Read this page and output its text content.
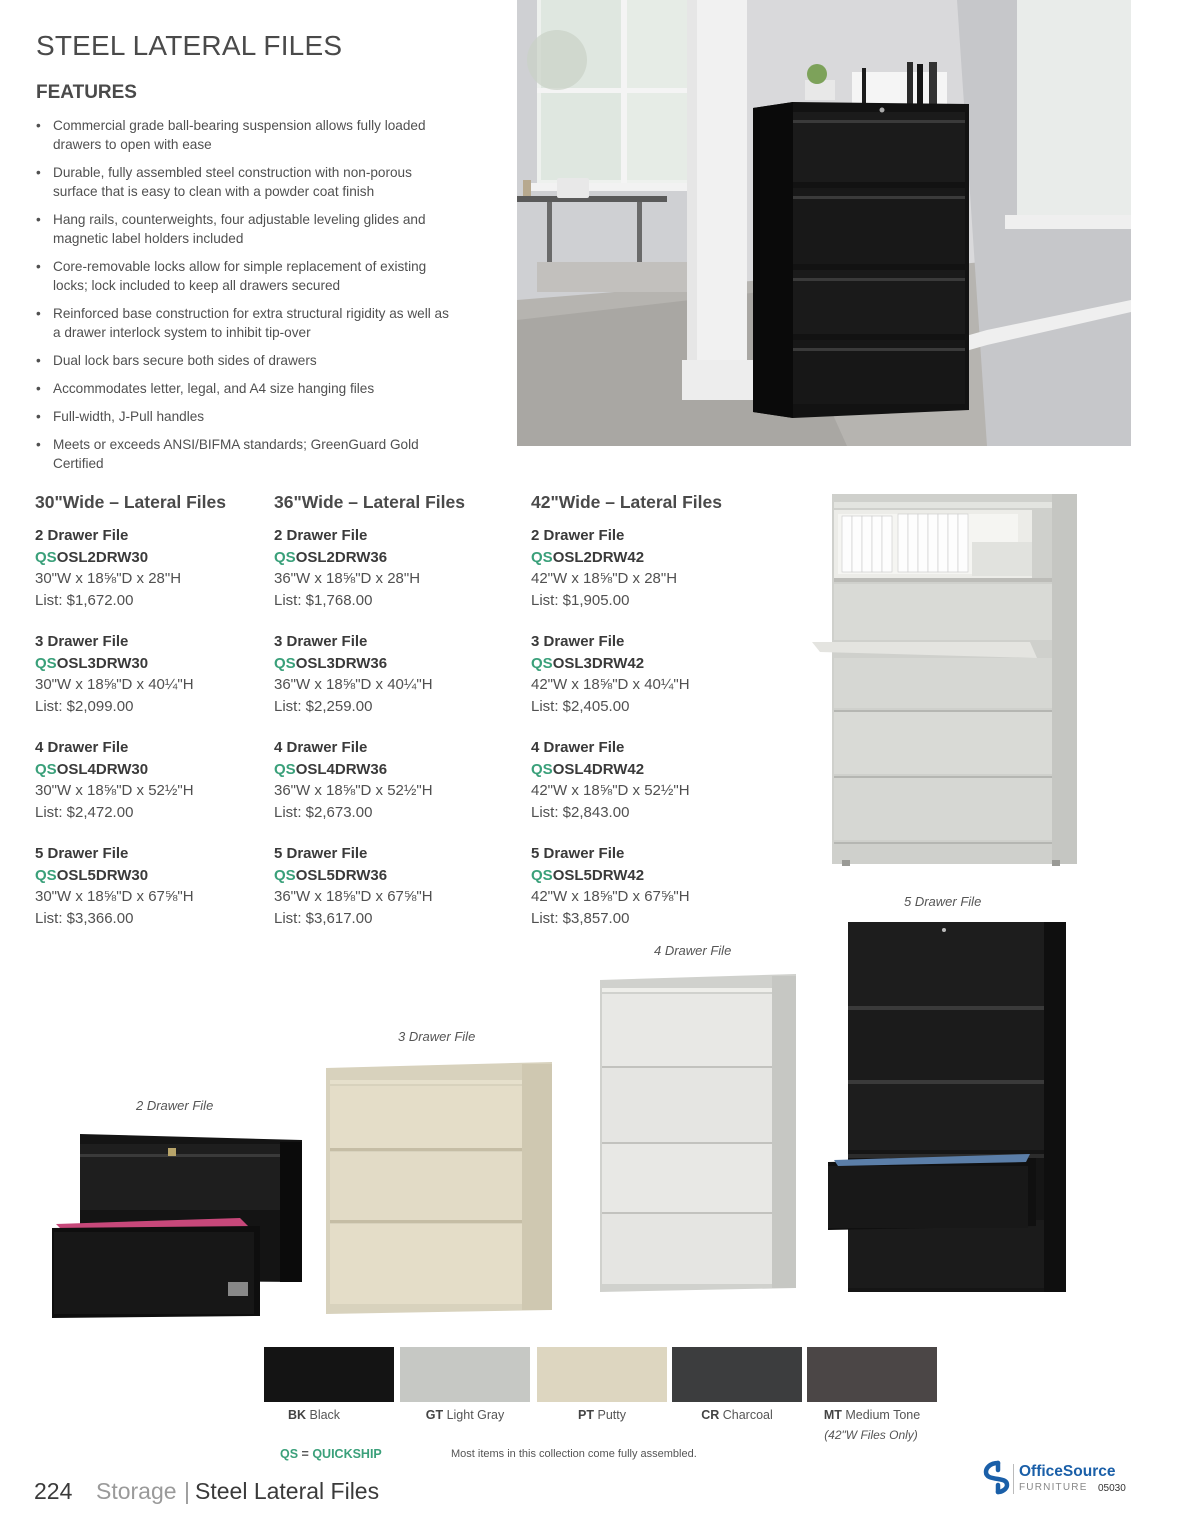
STEEL LATERAL FILES
FEATURES
• Commercial grade ball-bearing suspension allows fully loaded drawers to open with ease
• Durable, fully assembled steel construction with non-porous surface that is easy to clean with a powder coat finish
• Hang rails, counterweights, four adjustable leveling glides and magnetic label holders included
• Core-removable locks allow for simple replacement of existing locks; lock included to keep all drawers secured
• Reinforced base construction for extra structural rigidity as well as a drawer interlock system to inhibit tip-over
• Dual lock bars secure both sides of drawers
• Accommodates letter, legal, and A4 size hanging files
• Full-width, J-Pull handles
• Meets or exceeds ANSI/BIFMA standards; GreenGuard Gold Certified
30"Wide – Lateral Files
2 Drawer File
QSOSL2DRW30
30"W x 18⅝"D x 28"H
List: $1,672.00
3 Drawer File
QSOSL3DRW30
30"W x 18⅝"D x 40¼"H
List: $2,099.00
4 Drawer File
QSOSL4DRW30
30"W x 18⅝"D x 52½"H
List: $2,472.00
5 Drawer File
QSOSL5DRW30
30"W x 18⅝"D x 67⅝"H
List: $3,366.00
36"Wide – Lateral Files
2 Drawer File
QSOSL2DRW36
36"W x 18⅝"D x 28"H
List: $1,768.00
3 Drawer File
QSOSL3DRW36
36"W x 18⅝"D x 40¼"H
List: $2,259.00
4 Drawer File
QSOSL4DRW36
36"W x 18⅝"D x 52½"H
List: $2,673.00
5 Drawer File
QSOSL5DRW36
36"W x 18⅝"D x 67⅝"H
List: $3,617.00
42"Wide – Lateral Files
2 Drawer File
QSOSL2DRW42
42"W x 18⅝"D x 28"H
List: $1,905.00
3 Drawer File
QSOSL3DRW42
42"W x 18⅝"D x 40¼"H
List: $2,405.00
4 Drawer File
QSOSL4DRW42
42"W x 18⅝"D x 52½"H
List: $2,843.00
5 Drawer File
QSOSL5DRW42
42"W x 18⅝"D x 67⅝"H
List: $3,857.00
5 Drawer File
4 Drawer File
3 Drawer File
2 Drawer File
BK Black	GT Light Gray	PT Putty	CR Charcoal	MT Medium Tone
(42"W Files Only)
QS = QUICKSHIP	Most items in this collection come fully assembled.
224 Storage | Steel Lateral Files
OfficeSource
FURNITURE 05030
